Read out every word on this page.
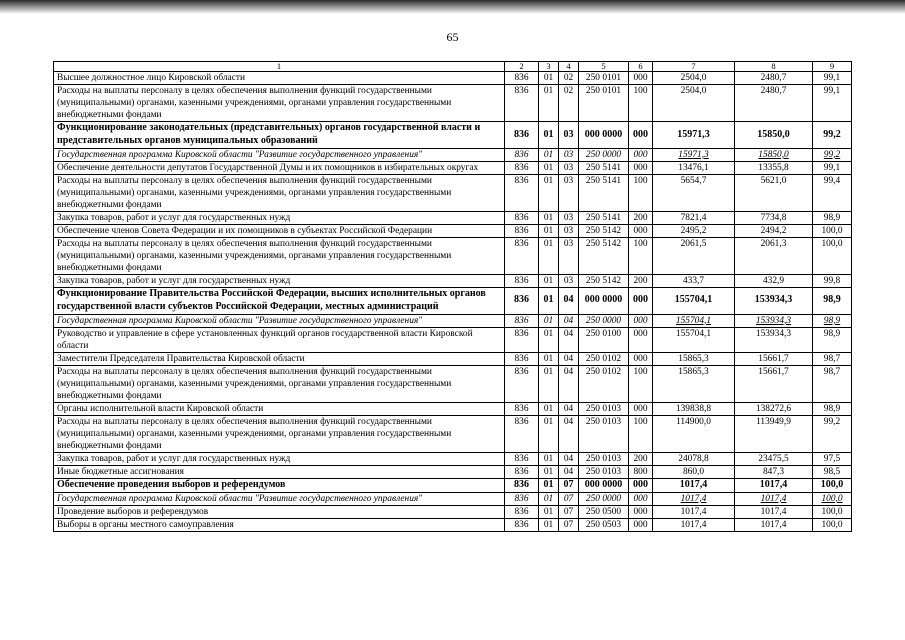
65
1	2	3	4	5	6	7	8	9
Высшее должностное лицо Кировской области	836	01	02	250 0101	000	2504,0	2480,7	99,1
Расходы на выплаты персоналу в целях обеспечения выполнения функций государственными (муниципальными) органами, казенными учреждениями, органами управления государственными внебюджетными фондами	836	01	02	250 0101	100	2504,0	2480,7	99,1
Функционирование законодательных (представительных) органов государственной власти и представительных органов муниципальных образований	836	01	03	000 0000	000	15971,3	15850,0	99,2
Государственная программа Кировской области "Развитие государственного управления"	836	01	03	250 0000	000	15971,3	15850,0	99,2
Обеспечение деятельности депутатов Государственной Думы и их помощников в избирательных округах	836	01	03	250 5141	000	13476,1	13355,8	99,1
Расходы на выплаты персоналу в целях обеспечения выполнения функций государственными (муниципальными) органами, казенными учреждениями, органами управления государственными внебюджетными фондами	836	01	03	250 5141	100	5654,7	5621,0	99,4
Закупка товаров, работ и услуг для государственных нужд	836	01	03	250 5141	200	7821,4	7734,8	98,9
Обеспечение членов Совета Федерации и их помощников в субъектах Российской Федерации	836	01	03	250 5142	000	2495,2	2494,2	100,0
Расходы на выплаты персоналу в целях обеспечения выполнения функций государственными (муниципальными) органами, казенными учреждениями, органами управления государственными внебюджетными фондами	836	01	03	250 5142	100	2061,5	2061,3	100,0
Закупка товаров, работ и услуг для государственных нужд	836	01	03	250 5142	200	433,7	432,9	99,8
Функционирование Правительства Российской Федерации, высших исполнительных органов государственной власти субъектов Российской Федерации, местных администраций	836	01	04	000 0000	000	155704,1	153934,3	98,9
Государственная программа Кировской области "Развитие государственного управления"	836	01	04	250 0000	000	155704,1	153934,3	98,9
Руководство и управление в сфере установленных функций органов государственной власти Кировской области	836	01	04	250 0100	000	155704,1	153934,3	98,9
Заместители Председателя Правительства Кировской области	836	01	04	250 0102	000	15865,3	15661,7	98,7
Расходы на выплаты персоналу в целях обеспечения выполнения функций государственными (муниципальными) органами, казенными учреждениями, органами управления государственными внебюджетными фондами	836	01	04	250 0102	100	15865,3	15661,7	98,7
Органы исполнительной власти Кировской области	836	01	04	250 0103	000	139838,8	138272,6	98,9
Расходы на выплаты персоналу в целях обеспечения выполнения функций государственными (муниципальными) органами, казенными учреждениями, органами управления государственными внебюджетными фондами	836	01	04	250 0103	100	114900,0	113949,9	99,2
Закупка товаров, работ и услуг для государственных нужд	836	01	04	250 0103	200	24078,8	23475,5	97,5
Иные бюджетные ассигнования	836	01	04	250 0103	800	860,0	847,3	98,5
Обеспечение проведения выборов и референдумов	836	01	07	000 0000	000	1017,4	1017,4	100,0
Государственная программа Кировской области "Развитие государственного управления"	836	01	07	250 0000	000	1017,4	1017,4	100,0
Проведение выборов и референдумов	836	01	07	250 0500	000	1017,4	1017,4	100,0
Выборы в органы местного самоуправления	836	01	07	250 0503	000	1017,4	1017,4	100,0
